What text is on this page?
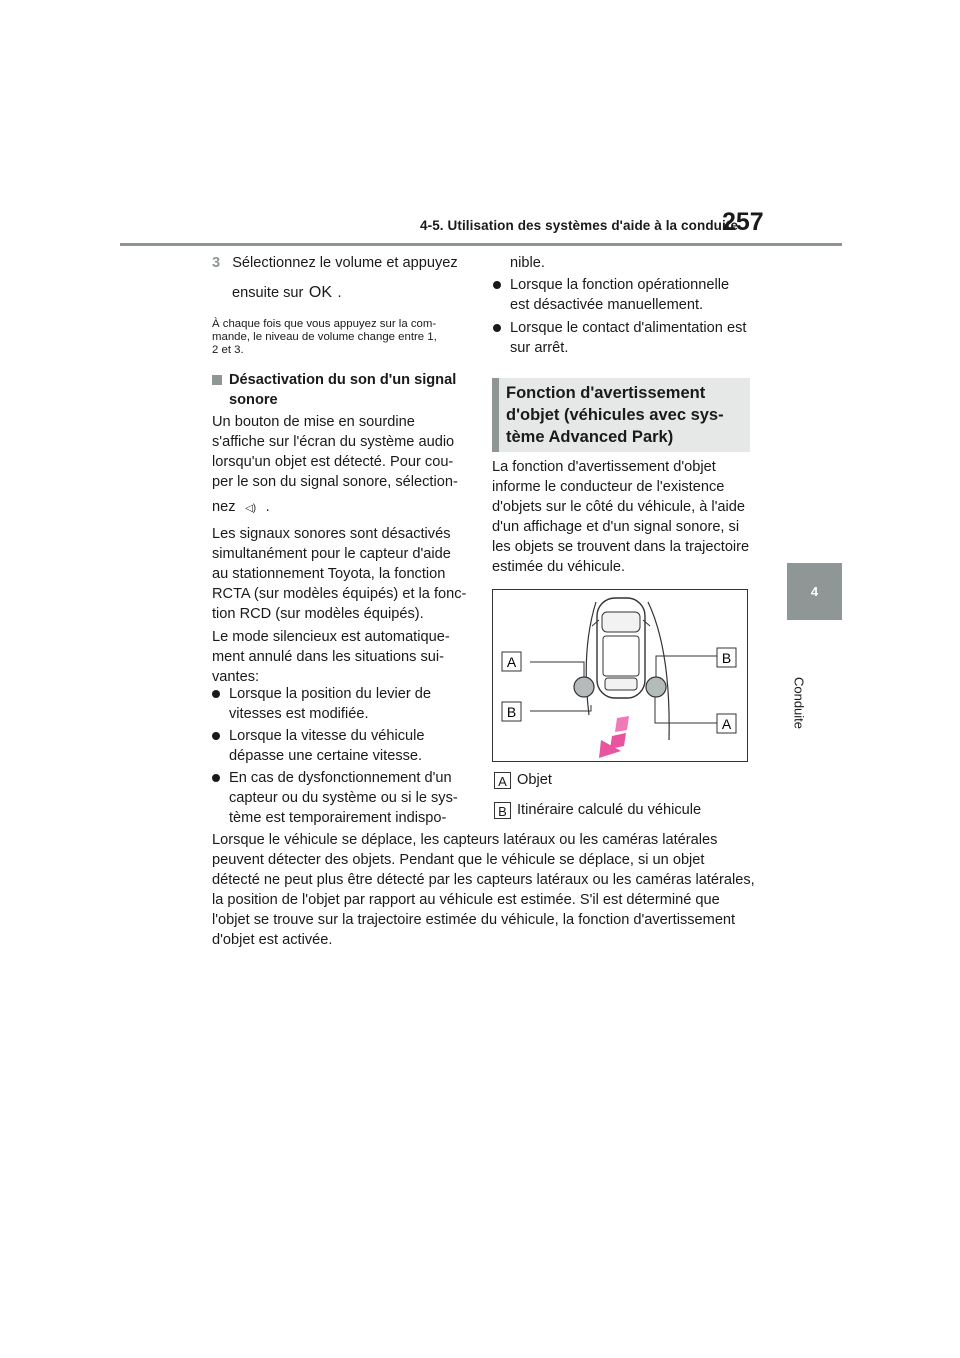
4-5. Utilisation des systèmes d'aide à la conduite
257
4
Conduite
3 Sélectionnez le volume et appuyez
ensuite sur OK .
À chaque fois que vous appuyez sur la com-
mande, le niveau de volume change entre 1,
2 et 3.
Désactivation du son d'un signal
sonore
Un bouton de mise en sourdine
s'affiche sur l'écran du système audio
lorsqu'un objet est détecté. Pour cou-
per le son du signal sonore, sélection-
nez ◁) .
Les signaux sonores sont désactivés
simultanément pour le capteur d'aide
au stationnement Toyota, la fonction
RCTA (sur modèles équipés) et la fonc-
tion RCD (sur modèles équipés).
Le mode silencieux est automatique-
ment annulé dans les situations sui-
vantes:
Lorsque la position du levier de
vitesses est modifiée.
Lorsque la vitesse du véhicule
dépasse une certaine vitesse.
En cas de dysfonctionnement d'un
capteur ou du système ou si le sys-
tème est temporairement indispo-
nible.
Lorsque la fonction opérationnelle
est désactivée manuellement.
Lorsque le contact d'alimentation est
sur arrêt.
Fonction d'avertissement
d'objet (véhicules avec sys-
tème Advanced Park)
La fonction d'avertissement d'objet
informe le conducteur de l'existence
d'objets sur le côté du véhicule, à l'aide
d'un affichage et d'un signal sonore, si
les objets se trouvent dans la trajectoire
estimée du véhicule.
A	B
B
A
A Objet
B Itinéraire calculé du véhicule
Lorsque le véhicule se déplace, les capteurs latéraux ou les caméras latérales
peuvent détecter des objets. Pendant que le véhicule se déplace, si un objet
détecté ne peut plus être détecté par les capteurs latéraux ou les caméras latérales,
la position de l'objet par rapport au véhicule est estimée. S'il est déterminé que
l'objet se trouve sur la trajectoire estimée du véhicule, la fonction d'avertissement
d'objet est activée.
